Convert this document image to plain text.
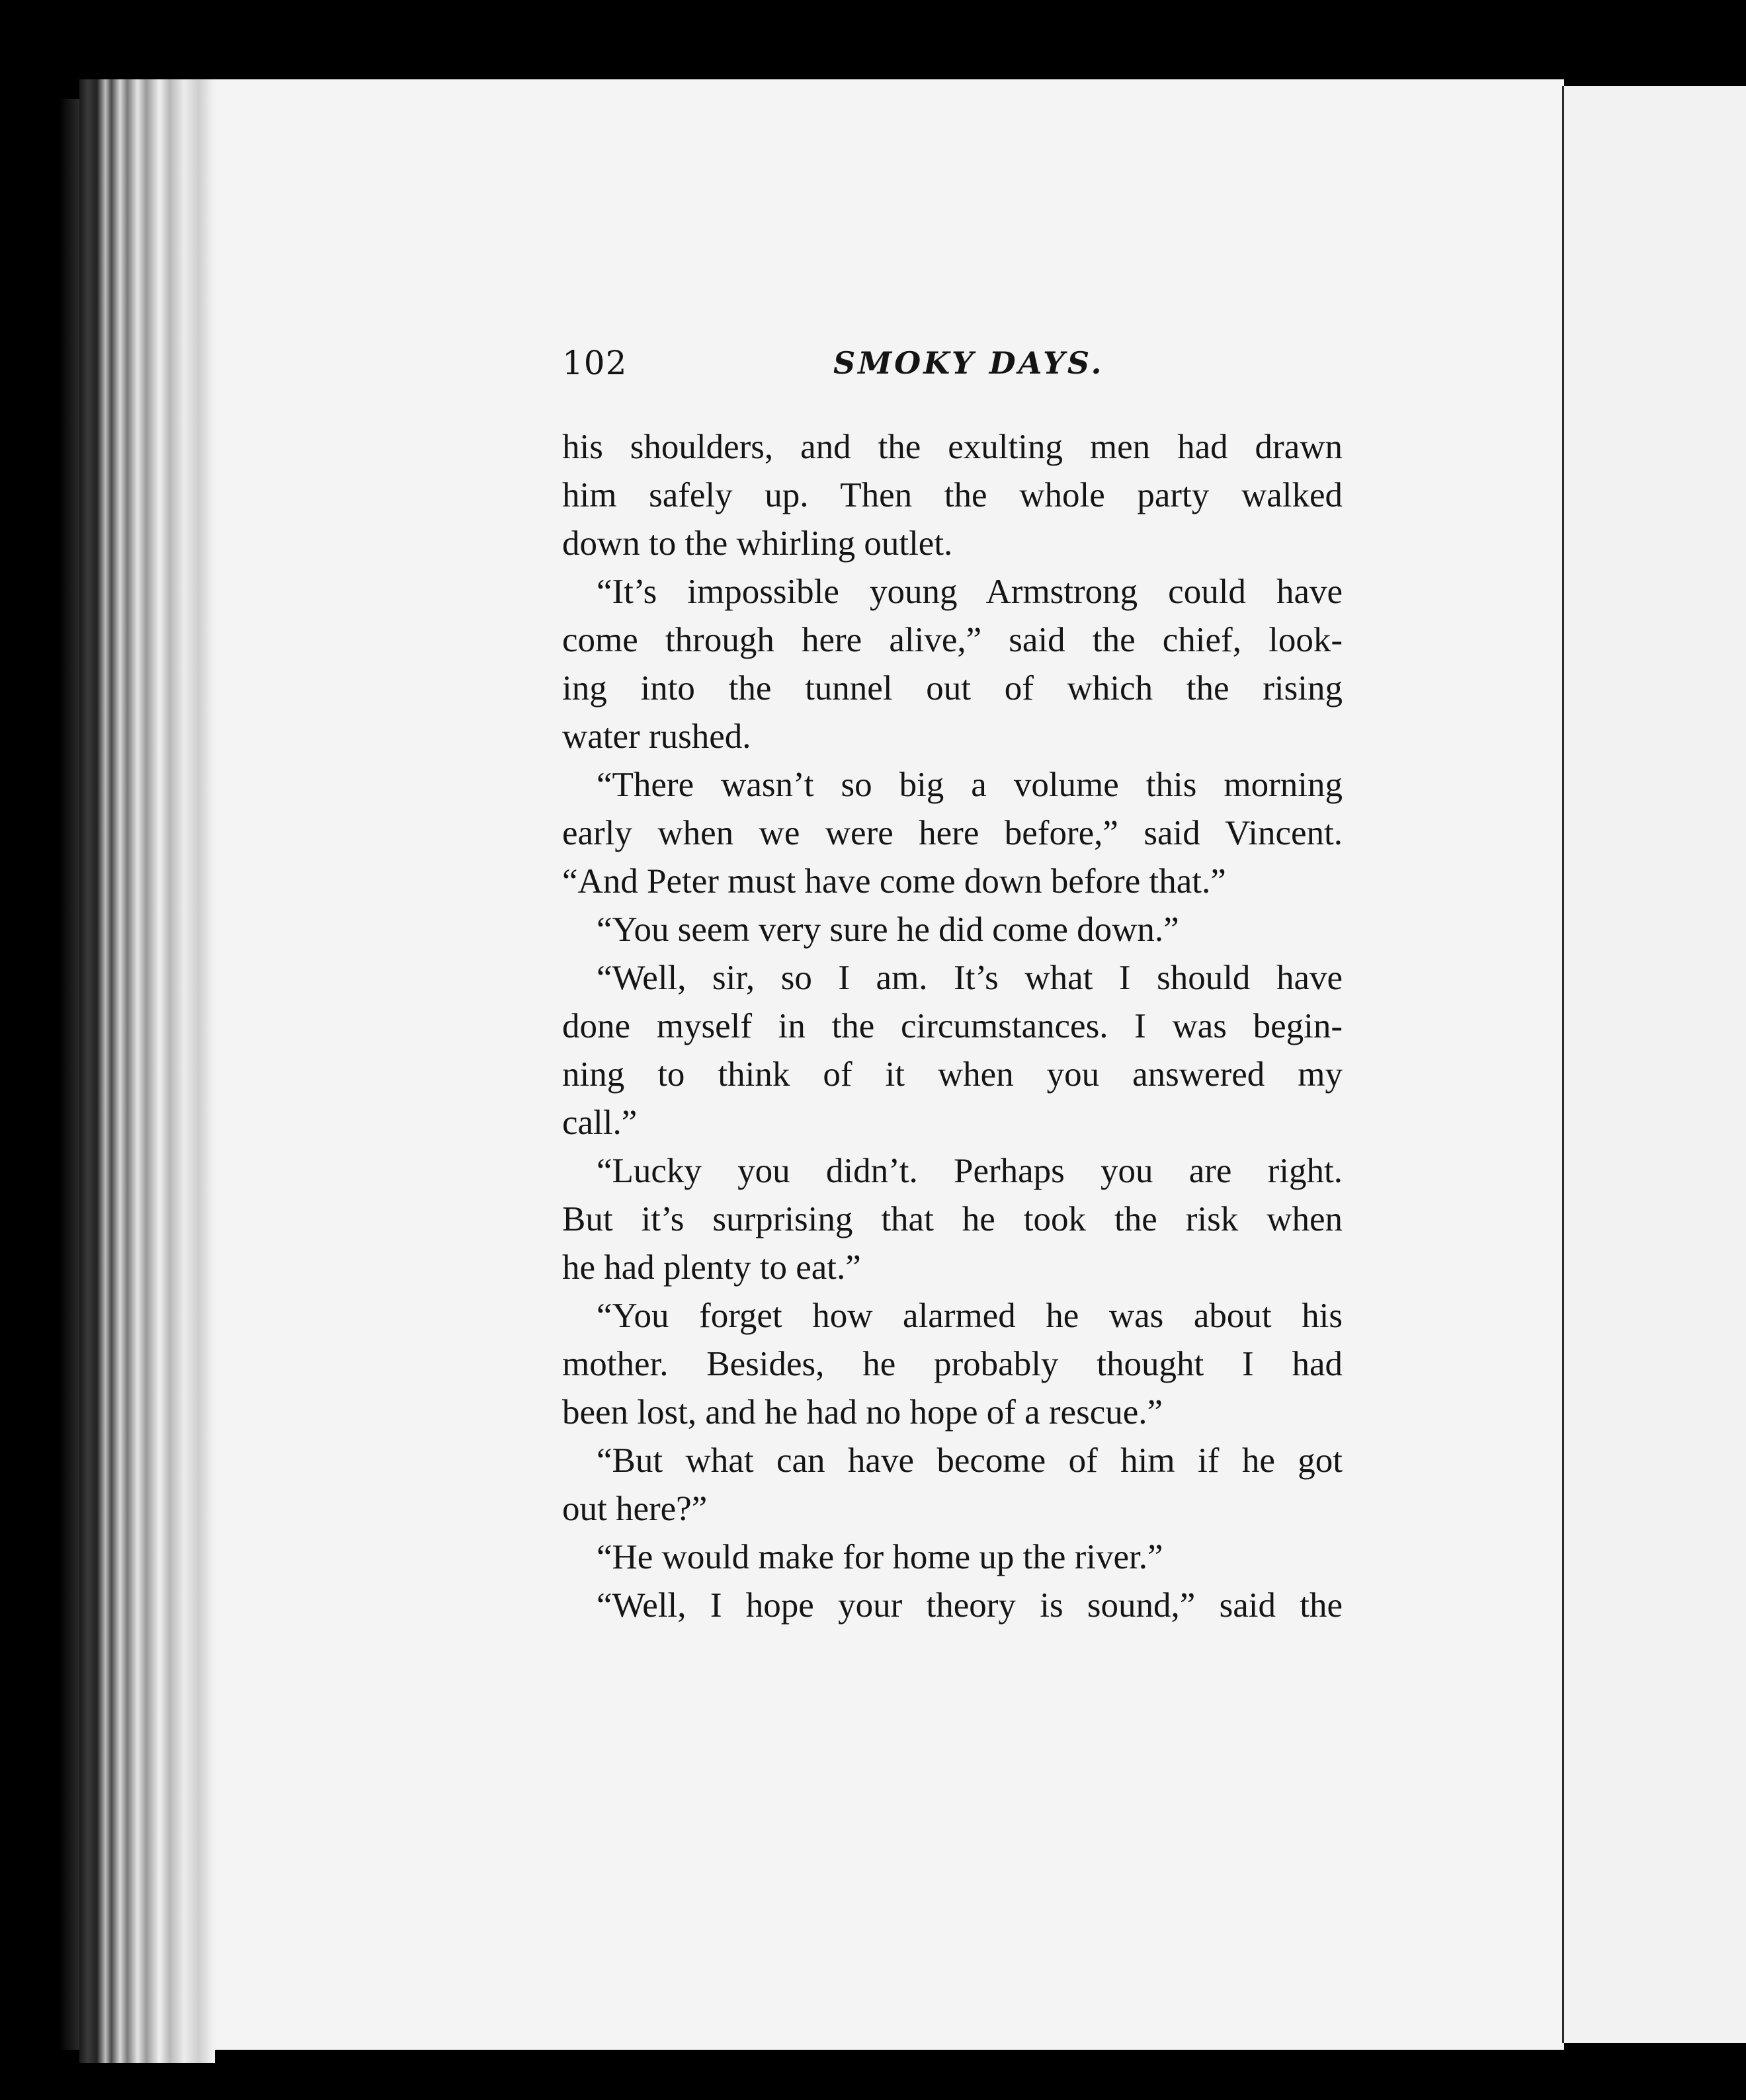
102	SMOKY DAYS.
his shoulders, and the exulting men had drawn
him safely up. Then the whole party walked
down to the whirling outlet.
“It’s impossible young Armstrong could have
come through here alive,” said the chief, look-
ing into the tunnel out of which the rising
water rushed.
“There wasn’t so big a volume this morning
early when we were here before,” said Vincent.
“And Peter must have come down before that.”
“You seem very sure he did come down.”
“Well, sir, so I am. It’s what I should have
done myself in the circumstances. I was begin-
ning to think of it when you answered my
call.”
“Lucky you didn’t. Perhaps you are right.
But it’s surprising that he took the risk when
he had plenty to eat.”
“You forget how alarmed he was about his
mother. Besides, he probably thought I had
been lost, and he had no hope of a rescue.”
“But what can have become of him if he got
out here?”
“He would make for home up the river.”
“Well, I hope your theory is sound,” said the
